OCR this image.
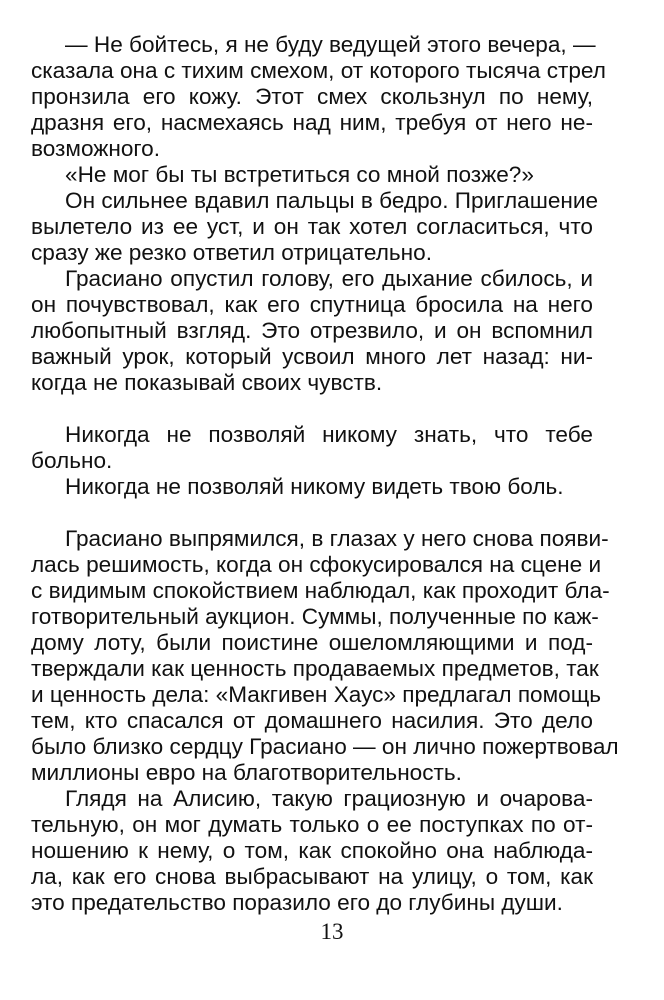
— Не бойтесь, я не буду ведущей этого вечера, —
сказала она с тихим смехом, от которого тысяча стрел
пронзила его кожу. Этот смех скользнул по нему,
дразня его, насмехаясь над ним, требуя от него не-
возможного.
«Не мог бы ты встретиться со мной позже?»
Он сильнее вдавил пальцы в бедро. Приглашение
вылетело из ее уст, и он так хотел согласиться, что
сразу же резко ответил отрицательно.
Грасиано опустил голову, его дыхание сбилось, и
он почувствовал, как его спутница бросила на него
любопытный взгляд. Это отрезвило, и он вспомнил
важный урок, который усвоил много лет назад: ни-
когда не показывай своих чувств.
Никогда не позволяй никому знать, что тебе
больно.
Никогда не позволяй никому видеть твою боль.
Грасиано выпрямился, в глазах у него снова появи-
лась решимость, когда он сфокусировался на сцене и
с видимым спокойствием наблюдал, как проходит бла-
готворительный аукцион. Суммы, полученные по каж-
дому лоту, были поистине ошеломляющими и под-
тверждали как ценность продаваемых предметов, так
и ценность дела: «Макгивен Хаус» предлагал помощь
тем, кто спасался от домашнего насилия. Это дело
было близко сердцу Грасиано — он лично пожертвовал
миллионы евро на благотворительность.
Глядя на Алисию, такую грациозную и очарова-
тельную, он мог думать только о ее поступках по от-
ношению к нему, о том, как спокойно она наблюда-
ла, как его снова выбрасывают на улицу, о том, как
это предательство поразило его до глубины души.
13
